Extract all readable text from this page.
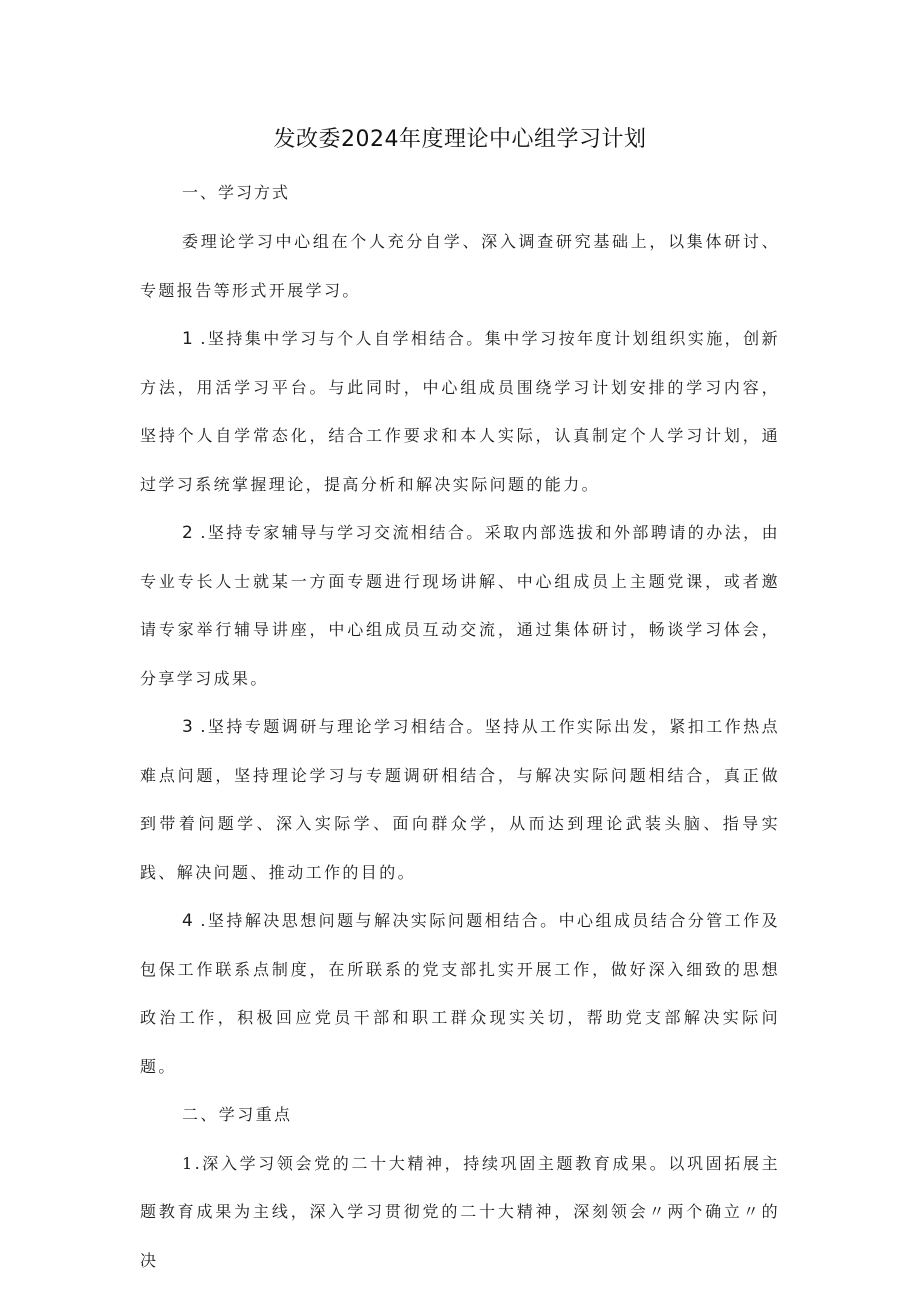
发改委2024年度理论中心组学习计划
一、学习方式

委理论学习中心组在个人充分自学、深入调查研究基础上，以集体研讨、专题报告等形式开展学习。

1 .坚持集中学习与个人自学相结合。集中学习按年度计划组织实施，创新方法，用活学习平台。与此同时，中心组成员围绕学习计划安排的学习内容，坚持个人自学常态化，结合工作要求和本人实际，认真制定个人学习计划，通过学习系统掌握理论，提高分析和解决实际问题的能力。

2 .坚持专家辅导与学习交流相结合。采取内部选拔和外部聘请的办法，由专业专长人士就某一方面专题进行现场讲解、中心组成员上主题党课，或者邀请专家举行辅导讲座，中心组成员互动交流，通过集体研讨，畅谈学习体会，分享学习成果。

3 .坚持专题调研与理论学习相结合。坚持从工作实际出发，紧扣工作热点难点问题，坚持理论学习与专题调研相结合，与解决实际问题相结合，真正做到带着问题学、深入实际学、面向群众学，从而达到理论武装头脑、指导实践、解决问题、推动工作的目的。

4 .坚持解决思想问题与解决实际问题相结合。中心组成员结合分管工作及包保工作联系点制度，在所联系的党支部扎实开展工作，做好深入细致的思想政治工作，积极回应党员干部和职工群众现实关切，帮助党支部解决实际问题。

二、学习重点

1.深入学习领会党的二十大精神，持续巩固主题教育成果。以巩固拓展主题教育成果为主线，深入学习贯彻党的二十大精神，深刻领会〃两个确立〃的决
